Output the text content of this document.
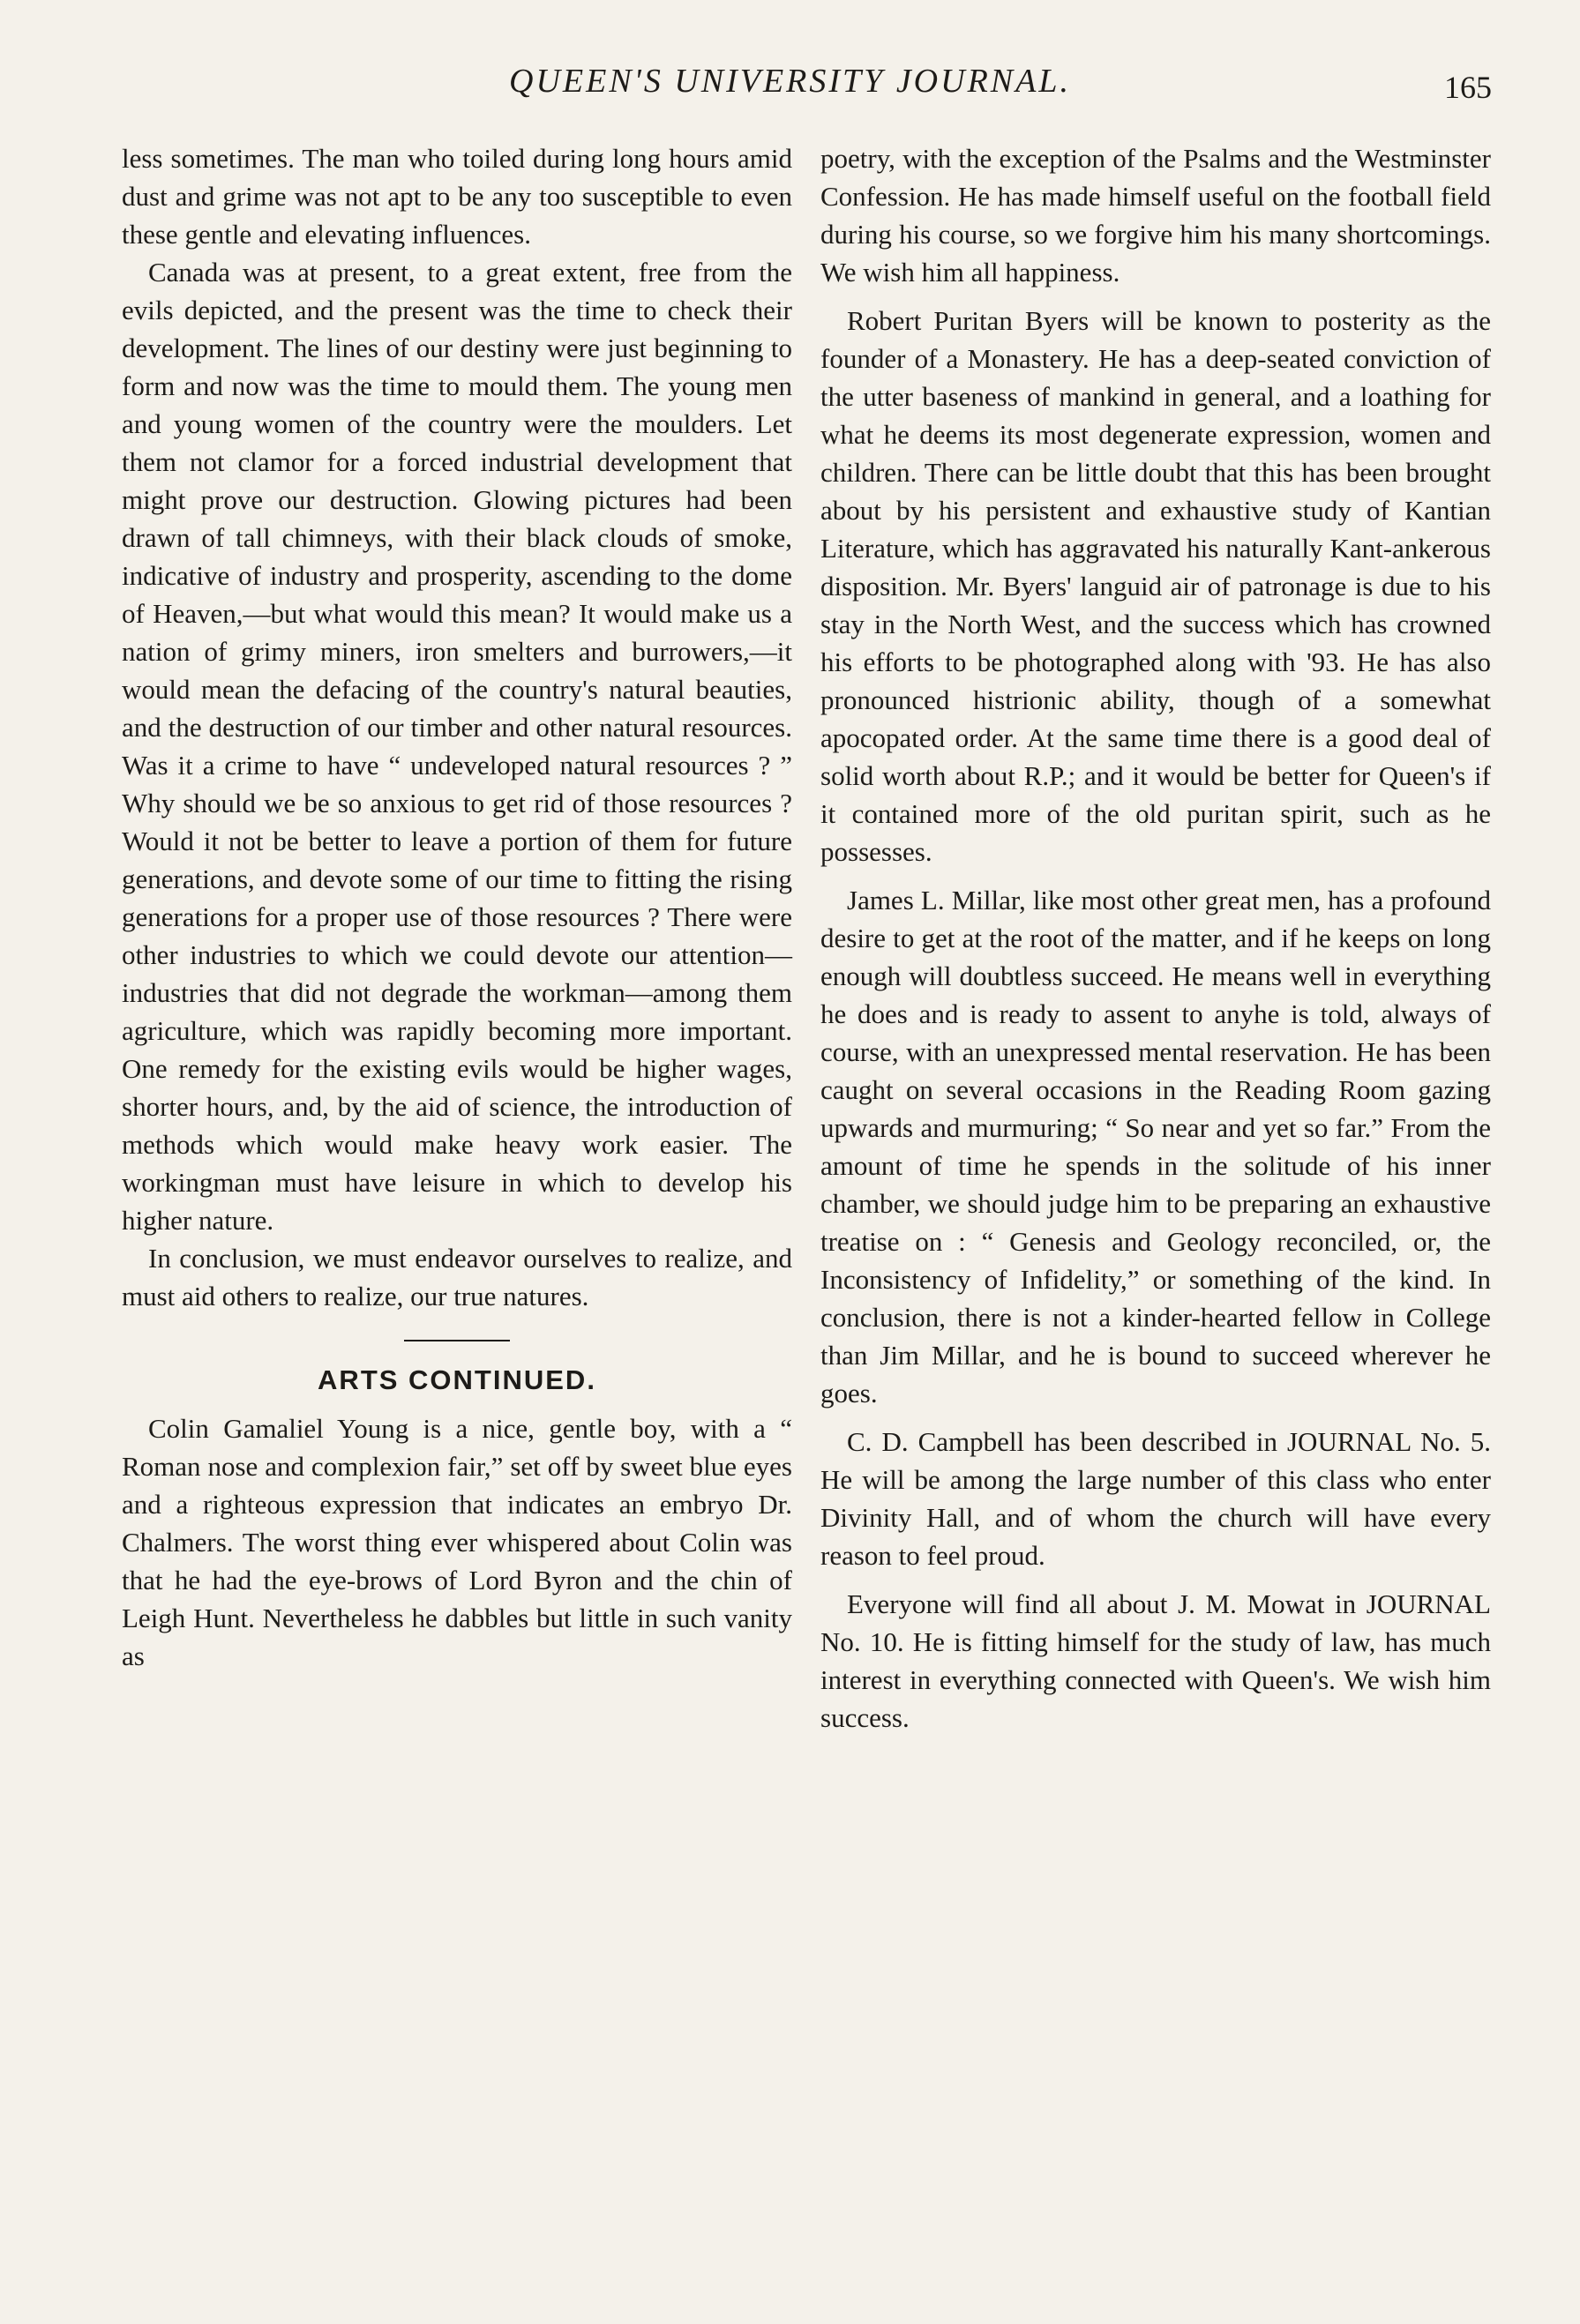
QUEEN'S UNIVERSITY JOURNAL.	165

less sometimes. The man who toiled during long hours amid dust and grime was not apt to be any too susceptible to even these gentle and elevating influences.

Canada was at present, to a great extent, free from the evils depicted, and the present was the time to check their development. The lines of our destiny were just beginning to form and now was the time to mould them. The young men and young women of the country were the moulders. Let them not clamor for a forced industrial development that might prove our destruction. Glowing pictures had been drawn of tall chimneys, with their black clouds of smoke, indicative of industry and prosperity, ascending to the dome of Heaven,—but what would this mean? It would make us a nation of grimy miners, iron smelters and burrowers,—it would mean the defacing of the country's natural beauties, and the destruction of our timber and other natural resources. Was it a crime to have “ undeveloped natural resources ? ” Why should we be so anxious to get rid of those resources ? Would it not be better to leave a portion of them for future generations, and devote some of our time to fitting the rising generations for a proper use of those resources ? There were other industries to which we could devote our attention—industries that did not degrade the workman—among them agriculture, which was rapidly becoming more important. One remedy for the existing evils would be higher wages, shorter hours, and, by the aid of science, the introduction of methods which would make heavy work easier. The workingman must have leisure in which to develop his higher nature.

In conclusion, we must endeavor ourselves to realize, and must aid others to realize, our true natures.

ARTS CONTINUED.

Colin Gamaliel Young is a nice, gentle boy, with a “ Roman nose and complexion fair,” set off by sweet blue eyes and a righteous expression that indicates an embryo Dr. Chalmers. The worst thing ever whispered about Colin was that he had the eye-brows of Lord Byron and the chin of Leigh Hunt. Nevertheless he dabbles but little in such vanity as

poetry, with the exception of the Psalms and the Westminster Confession. He has made himself useful on the football field during his course, so we forgive him his many shortcomings. We wish him all happiness.

Robert Puritan Byers will be known to posterity as the founder of a Monastery. He has a deep-seated conviction of the utter baseness of mankind in general, and a loathing for what he deems its most degenerate expression, women and children. There can be little doubt that this has been brought about by his persistent and exhaustive study of Kantian Literature, which has aggravated his naturally Kant-ankerous disposition. Mr. Byers' languid air of patronage is due to his stay in the North West, and the success which has crowned his efforts to be photographed along with '93. He has also pronounced histrionic ability, though of a somewhat apocopated order. At the same time there is a good deal of solid worth about R.P.; and it would be better for Queen's if it contained more of the old puritan spirit, such as he possesses.

James L. Millar, like most other great men, has a profound desire to get at the root of the matter, and if he keeps on long enough will doubtless succeed. He means well in everything he does and is ready to assent to anyhe is told, always of course, with an unexpressed mental reservation. He has been caught on several occasions in the Reading Room gazing upwards and murmuring; “ So near and yet so far.” From the amount of time he spends in the solitude of his inner chamber, we should judge him to be preparing an exhaustive treatise on : “ Genesis and Geology reconciled, or, the Inconsistency of Infidelity,” or something of the kind. In conclusion, there is not a kinder-hearted fellow in College than Jim Millar, and he is bound to succeed wherever he goes.

C. D. Campbell has been described in JOURNAL No. 5. He will be among the large number of this class who enter Divinity Hall, and of whom the church will have every reason to feel proud.

Everyone will find all about J. M. Mowat in JOURNAL No. 10. He is fitting himself for the study of law, has much interest in everything connected with Queen's. We wish him success.
